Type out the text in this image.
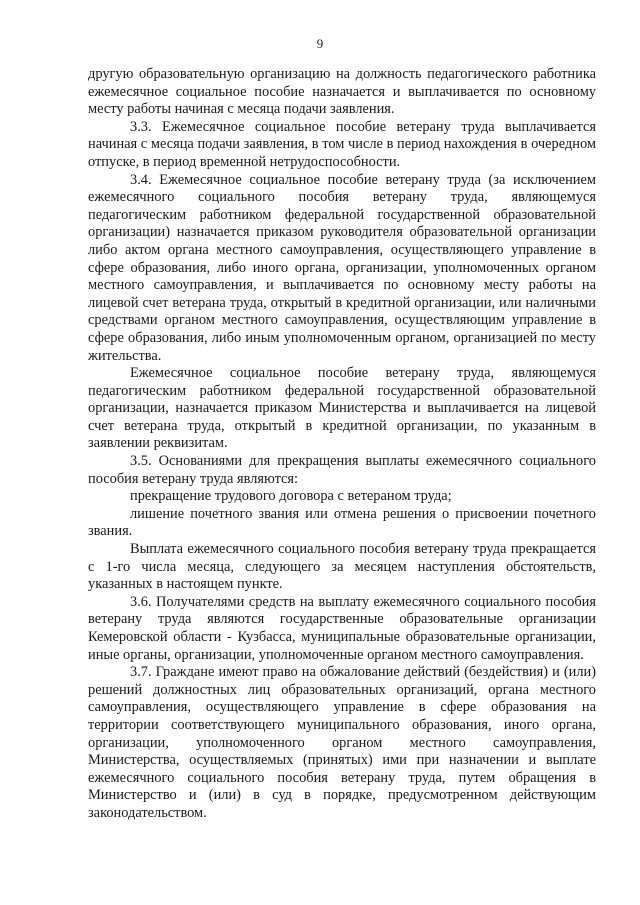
9

другую образовательную организацию на должность педагогического работника ежемесячное социальное пособие назначается и выплачивается по основному месту работы начиная с месяца подачи заявления.

3.3. Ежемесячное социальное пособие ветерану труда выплачивается начиная с месяца подачи заявления, в том числе в период нахождения в очередном отпуске, в период временной нетрудоспособности.

3.4. Ежемесячное социальное пособие ветерану труда (за исключением ежемесячного социального пособия ветерану труда, являющемуся педагогическим работником федеральной государственной образовательной организации) назначается приказом руководителя образовательной организации либо актом органа местного самоуправления, осуществляющего управление в сфере образования, либо иного органа, организации, уполномоченных органом местного самоуправления, и выплачивается по основному месту работы на лицевой счет ветерана труда, открытый в кредитной организации, или наличными средствами органом местного самоуправления, осуществляющим управление в сфере образования, либо иным уполномоченным органом, организацией по месту жительства.

Ежемесячное социальное пособие ветерану труда, являющемуся педагогическим работником федеральной государственной образовательной организации, назначается приказом Министерства и выплачивается на лицевой счет ветерана труда, открытый в кредитной организации, по указанным в заявлении реквизитам.

3.5. Основаниями для прекращения выплаты ежемесячного социального пособия ветерану труда являются:

прекращение трудового договора с ветераном труда;

лишение почетного звания или отмена решения о присвоении почетного звания.

Выплата ежемесячного социального пособия ветерану труда прекращается с 1-го числа месяца, следующего за месяцем наступления обстоятельств, указанных в настоящем пункте.

3.6. Получателями средств на выплату ежемесячного социального пособия ветерану труда являются государственные образовательные организации Кемеровской области - Кузбасса, муниципальные образовательные организации, иные органы, организации, уполномоченные органом местного самоуправления.

3.7. Граждане имеют право на обжалование действий (бездействия) и (или) решений должностных лиц образовательных организаций, органа местного самоуправления, осуществляющего управление в сфере образования на территории соответствующего муниципального образования, иного органа, организации, уполномоченного органом местного самоуправления, Министерства, осуществляемых (принятых) ими при назначении и выплате ежемесячного социального пособия ветерану труда, путем обращения в Министерство и (или) в суд в порядке, предусмотренном действующим законодательством.
